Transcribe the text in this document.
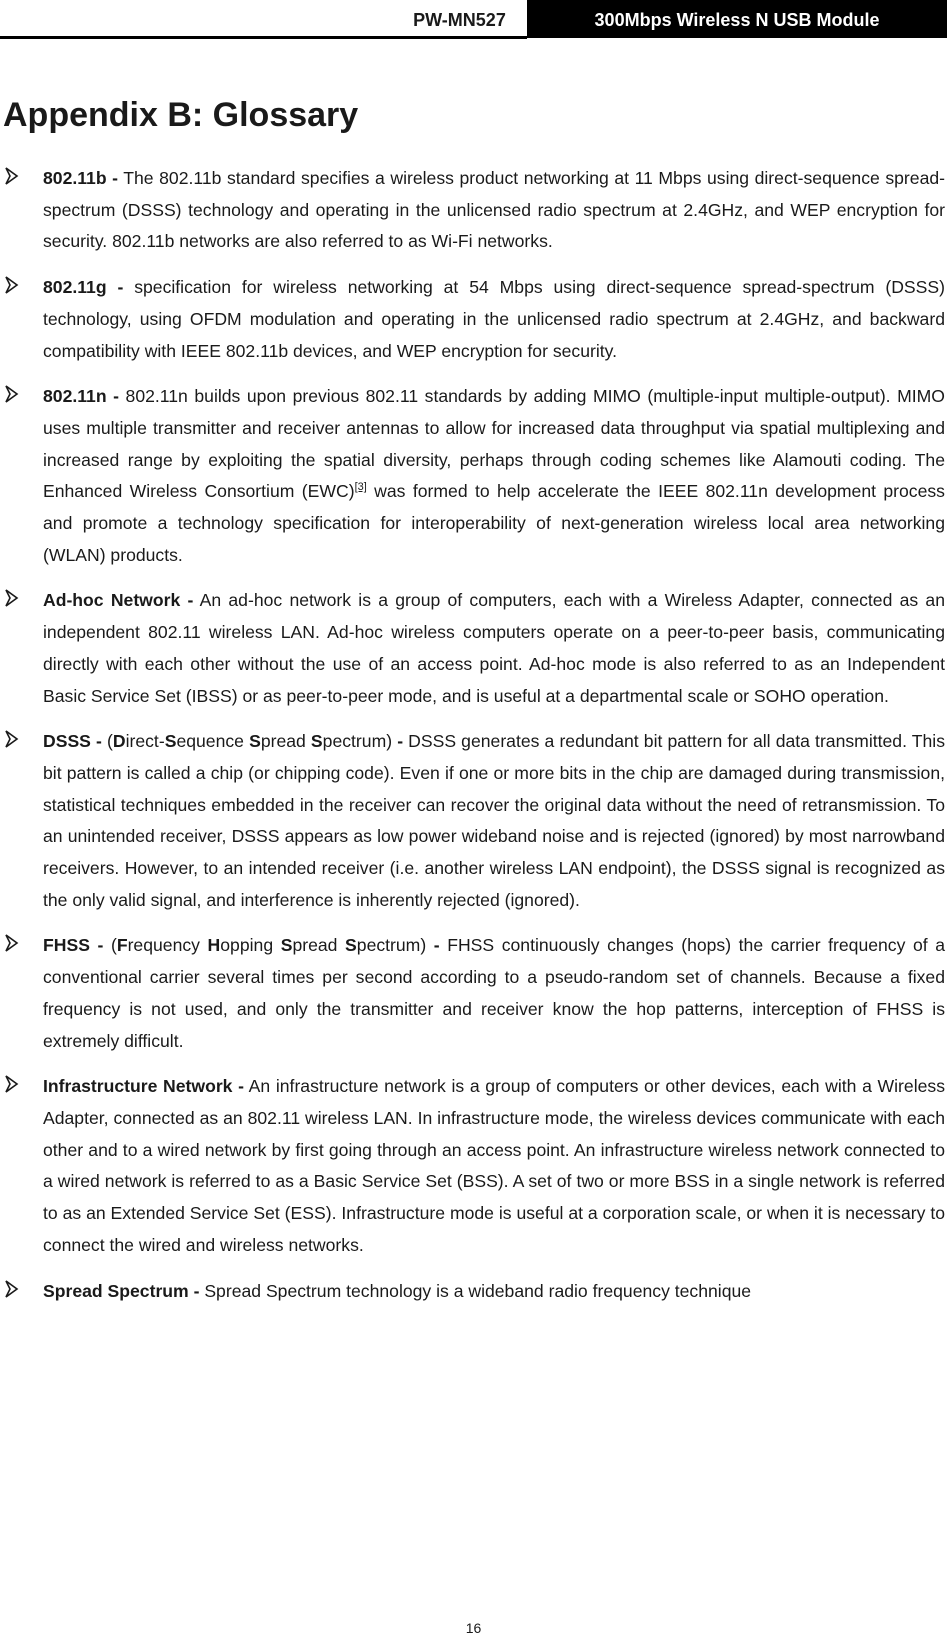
PW-MN527	300Mbps Wireless N USB Module
Appendix B: Glossary

802.11b - The 802.11b standard specifies a wireless product networking at 11 Mbps using direct-sequence spread-spectrum (DSSS) technology and operating in the unlicensed radio spectrum at 2.4GHz, and WEP encryption for security. 802.11b networks are also referred to as Wi-Fi networks.

802.11g - specification for wireless networking at 54 Mbps using direct-sequence spread-spectrum (DSSS) technology, using OFDM modulation and operating in the unlicensed radio spectrum at 2.4GHz, and backward compatibility with IEEE 802.11b devices, and WEP encryption for security.

802.11n - 802.11n builds upon previous 802.11 standards by adding MIMO (multiple-input multiple-output). MIMO uses multiple transmitter and receiver antennas to allow for increased data throughput via spatial multiplexing and increased range by exploiting the spatial diversity, perhaps through coding schemes like Alamouti coding. The Enhanced Wireless Consortium (EWC)[3] was formed to help accelerate the IEEE 802.11n development process and promote a technology specification for interoperability of next-generation wireless local area networking (WLAN) products.

Ad-hoc Network - An ad-hoc network is a group of computers, each with a Wireless Adapter, connected as an independent 802.11 wireless LAN. Ad-hoc wireless computers operate on a peer-to-peer basis, communicating directly with each other without the use of an access point. Ad-hoc mode is also referred to as an Independent Basic Service Set (IBSS) or as peer-to-peer mode, and is useful at a departmental scale or SOHO operation.

DSSS - (Direct-Sequence Spread Spectrum) - DSSS generates a redundant bit pattern for all data transmitted. This bit pattern is called a chip (or chipping code). Even if one or more bits in the chip are damaged during transmission, statistical techniques embedded in the receiver can recover the original data without the need of retransmission. To an unintended receiver, DSSS appears as low power wideband noise and is rejected (ignored) by most narrowband receivers. However, to an intended receiver (i.e. another wireless LAN endpoint), the DSSS signal is recognized as the only valid signal, and interference is inherently rejected (ignored).

FHSS - (Frequency Hopping Spread Spectrum) - FHSS continuously changes (hops) the carrier frequency of a conventional carrier several times per second according to a pseudo-random set of channels. Because a fixed frequency is not used, and only the transmitter and receiver know the hop patterns, interception of FHSS is extremely difficult.

Infrastructure Network - An infrastructure network is a group of computers or other devices, each with a Wireless Adapter, connected as an 802.11 wireless LAN. In infrastructure mode, the wireless devices communicate with each other and to a wired network by first going through an access point. An infrastructure wireless network connected to a wired network is referred to as a Basic Service Set (BSS). A set of two or more BSS in a single network is referred to as an Extended Service Set (ESS). Infrastructure mode is useful at a corporation scale, or when it is necessary to connect the wired and wireless networks.

Spread Spectrum - Spread Spectrum technology is a wideband radio frequency technique

16
